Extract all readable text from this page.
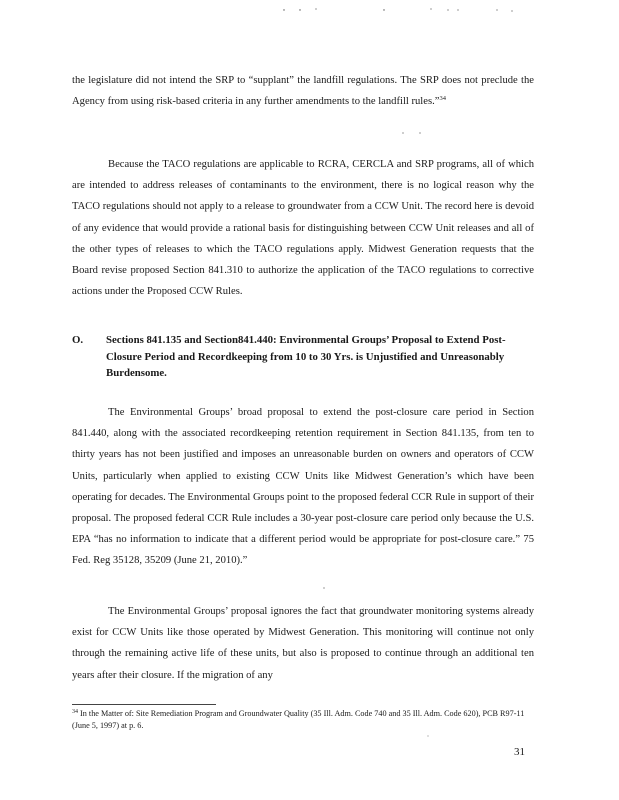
the legislature did not intend the SRP to “supplant” the landfill regulations. The SRP does not preclude the Agency from using risk-based criteria in any further amendments to the landfill rules.”$^{34}$

Because the TACO regulations are applicable to RCRA, CERCLA and SRP programs, all of which are intended to address releases of contaminants to the environment, there is no logical reason why the TACO regulations should not apply to a release to groundwater from a CCW Unit. The record here is devoid of any evidence that would provide a rational basis for distinguishing between CCW Unit releases and all of the other types of releases to which the TACO regulations apply. Midwest Generation requests that the Board revise proposed Section 841.310 to authorize the application of the TACO regulations to corrective actions under the Proposed CCW Rules.

O. Sections 841.135 and Section841.440: Environmental Groups’ Proposal to Extend Post-Closure Period and Recordkeeping from 10 to 30 Yrs. is Unjustified and Unreasonably Burdensome.

The Environmental Groups’ broad proposal to extend the post-closure care period in Section 841.440, along with the associated recordkeeping retention requirement in Section 841.135, from ten to thirty years has not been justified and imposes an unreasonable burden on owners and operators of CCW Units, particularly when applied to existing CCW Units like Midwest Generation’s which have been operating for decades. The Environmental Groups point to the proposed federal CCR Rule in support of their proposal. The proposed federal CCR Rule includes a 30-year post-closure care period only because the U.S. EPA “has no information to indicate that a different period would be appropriate for post-closure care.” 75 Fed. Reg 35128, 35209 (June 21, 2010).”

The Environmental Groups’ proposal ignores the fact that groundwater monitoring systems already exist for CCW Units like those operated by Midwest Generation. This monitoring will continue not only through the remaining active life of these units, but also is proposed to continue through an additional ten years after their closure. If the migration of any

$^{34}$ In the Matter of: Site Remediation Program and Groundwater Quality (35 Ill. Adm. Code 740 and 35 Ill. Adm. Code 620), PCB R97-11 (June 5, 1997) at p. 6.
31
